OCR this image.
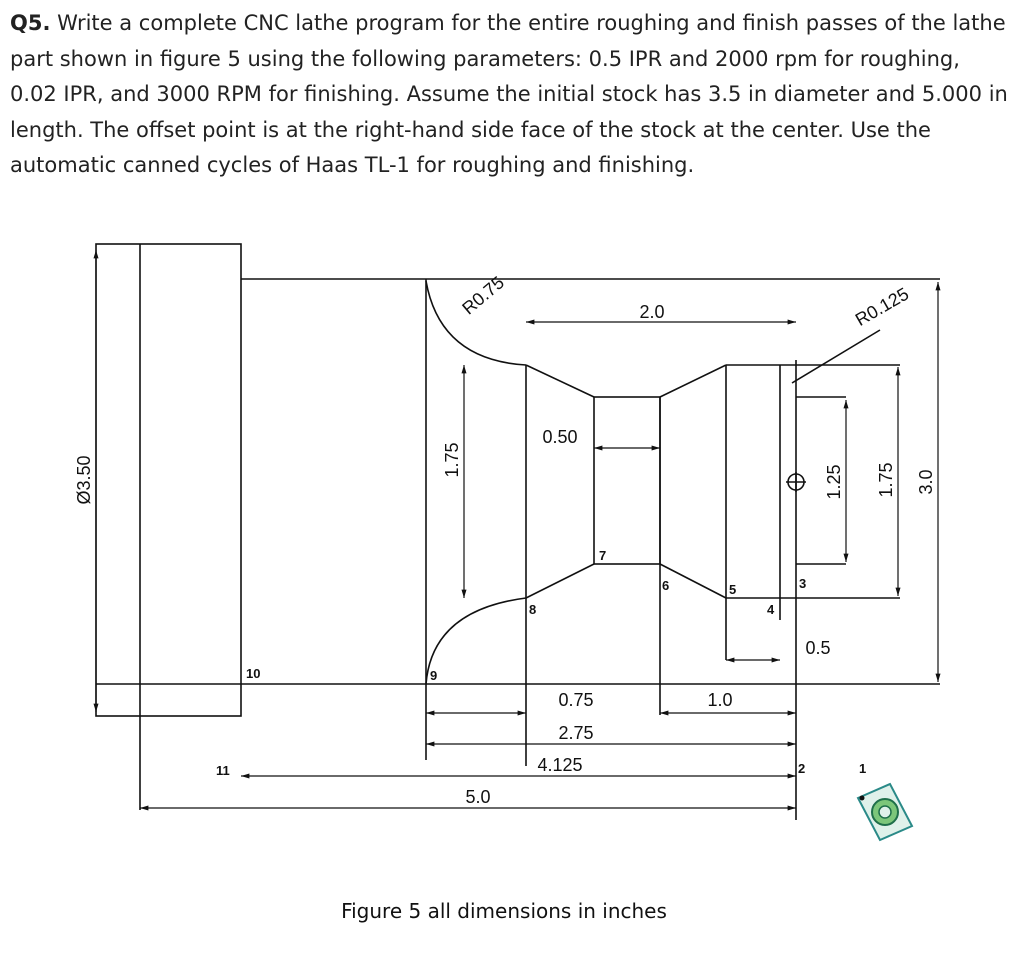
Q5. Write a complete CNC lathe program for the entire roughing and finish passes of the lathe part shown in figure 5 using the following parameters: 0.5 IPR and 2000 rpm for roughing, 0.02 IPR, and 3000 RPM for finishing. Assume the initial stock has 3.5 in diameter and 5.000 in length. The offset point is at the right-hand side face of the stock at the center. Use the automatic canned cycles of Haas TL-1 for roughing and finishing.
Ø3.50
R0.75	2.0
0.50
1.75
1.25 1.75 3.0
R0.125
0.5
0.75	1.0
2.75
4.125
5.0
1
2
3
4
5
6
7
8
9
10
11
Figure 5 all dimensions in inches
